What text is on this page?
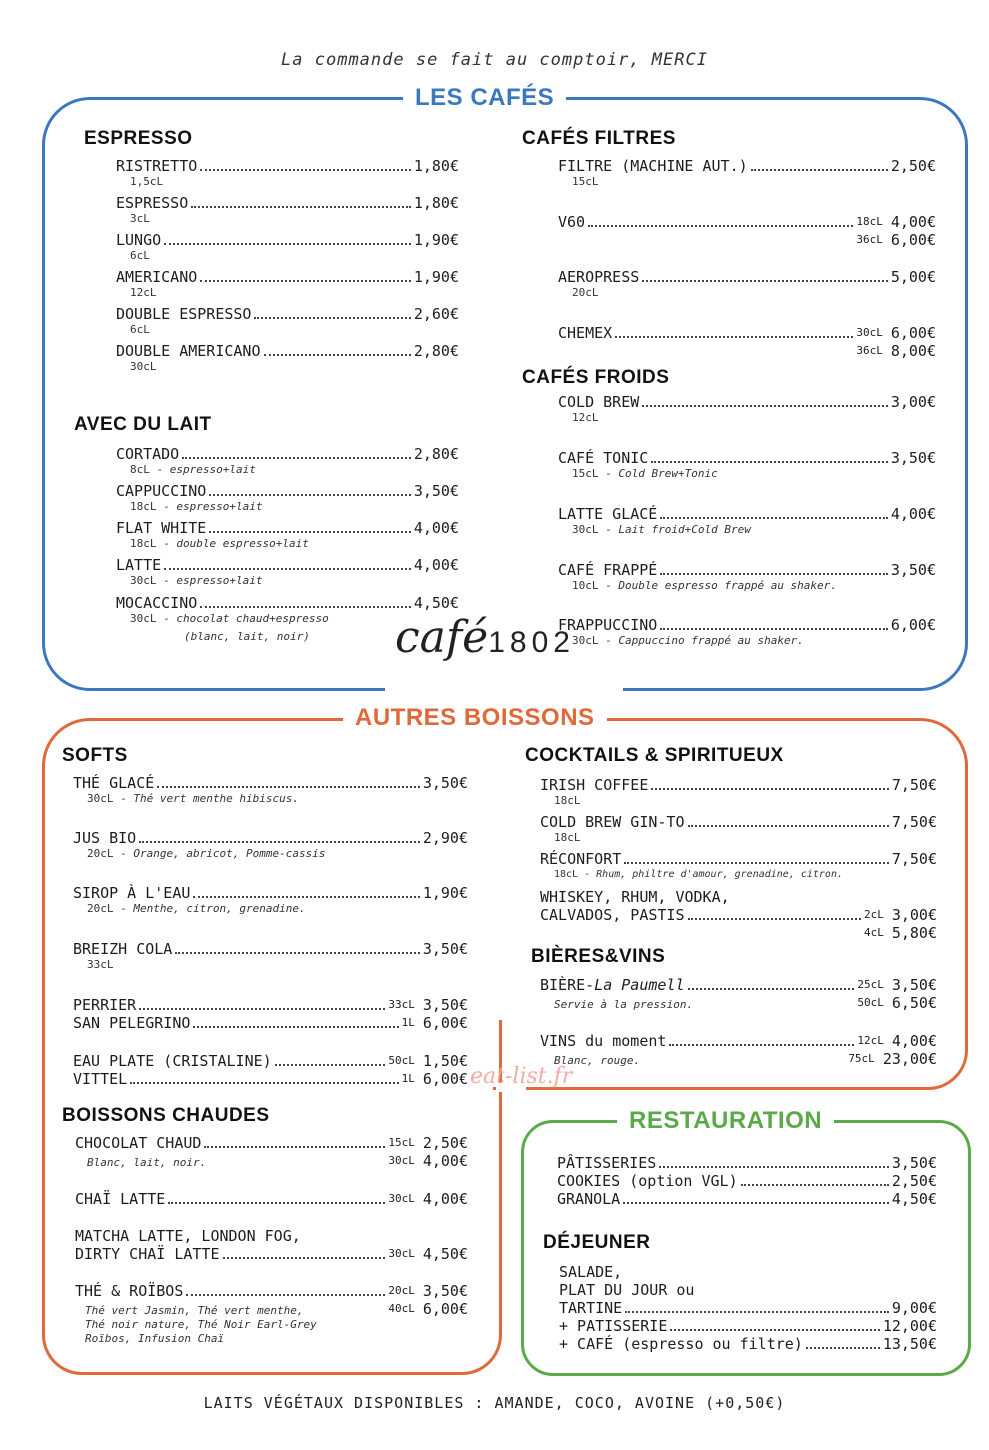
La commande se fait au comptoir, MERCI
LES CAFÉS
AUTRES BOISSONS
RESTAURATION
café1802
ESPRESSO
RISTRETTO	1,80€
1,5cL
ESPRESSO	1,80€
3cL
LUNGO	1,90€
6cL
AMERICANO	1,90€
12cL
DOUBLE ESPRESSO	2,60€
6cL
DOUBLE AMERICANO	2,80€
30cL
AVEC DU LAIT
CORTADO	2,80€
8cL - espresso+lait
CAPPUCCINO	3,50€
18cL - espresso+lait
FLAT WHITE	4,00€
18cL - double espresso+lait
LATTE	4,00€
30cL - espresso+lait
MOCACCINO	4,50€
30cL - chocolat chaud+espresso
(blanc, lait, noir)
CAFÉS FILTRES
FILTRE (MACHINE AUT.)	2,50€
15cL
V60	18cL 4,00€
36cL 6,00€
AEROPRESS	5,00€
20cL
CHEMEX	30cL 6,00€
36cL 8,00€
CAFÉS FROIDS
COLD BREW	3,00€
12cL
CAFÉ TONIC	3,50€
15cL - Cold Brew+Tonic
LATTE GLACÉ	4,00€
30cL - Lait froid+Cold Brew
CAFÉ FRAPPÉ	3,50€
10cL - Double espresso frappé au shaker.
FRAPPUCCINO	6,00€
30cL - Cappuccino frappé au shaker.
SOFTS
THÉ GLACÉ	3,50€
30cL - Thé vert menthe hibiscus.
JUS BIO	2,90€
20cL - Orange, abricot, Pomme-cassis
SIROP À L'EAU	1,90€
20cL - Menthe, citron, grenadine.
BREIZH COLA	3,50€
33cL
PERRIER	33cL 3,50€
SAN PELEGRINO	1L 6,00€
EAU PLATE (CRISTALINE)	50cL 1,50€
VITTEL	1L 6,00€
BOISSONS CHAUDES
CHOCOLAT CHAUD	15cL 2,50€
Blanc, lait, noir.	30cL 4,00€
CHAÏ LATTE	30cL 4,00€
MATCHA LATTE, LONDON FOG,
DIRTY CHAÏ LATTE	30cL 4,50€
THÉ & ROÏBOS	20cL 3,50€
Thé vert Jasmin, Thé vert menthe,	40cL 6,00€
Thé noir nature, Thé Noir Earl-Grey
Roïbos, Infusion Chaï
COCKTAILS & SPIRITUEUX
IRISH COFFEE	7,50€
18cL
COLD BREW GIN-TO	7,50€
18cL
RÉCONFORT	7,50€
18cL - Rhum, philtre d'amour, grenadine, citron.
WHISKEY, RHUM, VODKA,
CALVADOS, PASTIS	2cL 3,00€
4cL 5,80€
BIÈRES&VINS
BIÈRE- La Paumell	25cL 3,50€
Servie à la pression.	50cL 6,50€
VINS du moment	12cL 4,00€
Blanc, rouge.	75cL 23,00€
PÂTISSERIES	3,50€
COOKIES (option VGL)	2,50€
GRANOLA	4,50€
DÉJEUNER
SALADE,
PLAT DU JOUR ou
TARTINE	9,00€
+ PATISSERIE	12,00€
+ CAFÉ (espresso ou filtre)	13,50€
eat-list.fr
LAITS VÉGÉTAUX DISPONIBLES : AMANDE, COCO, AVOINE (+0,50€)
